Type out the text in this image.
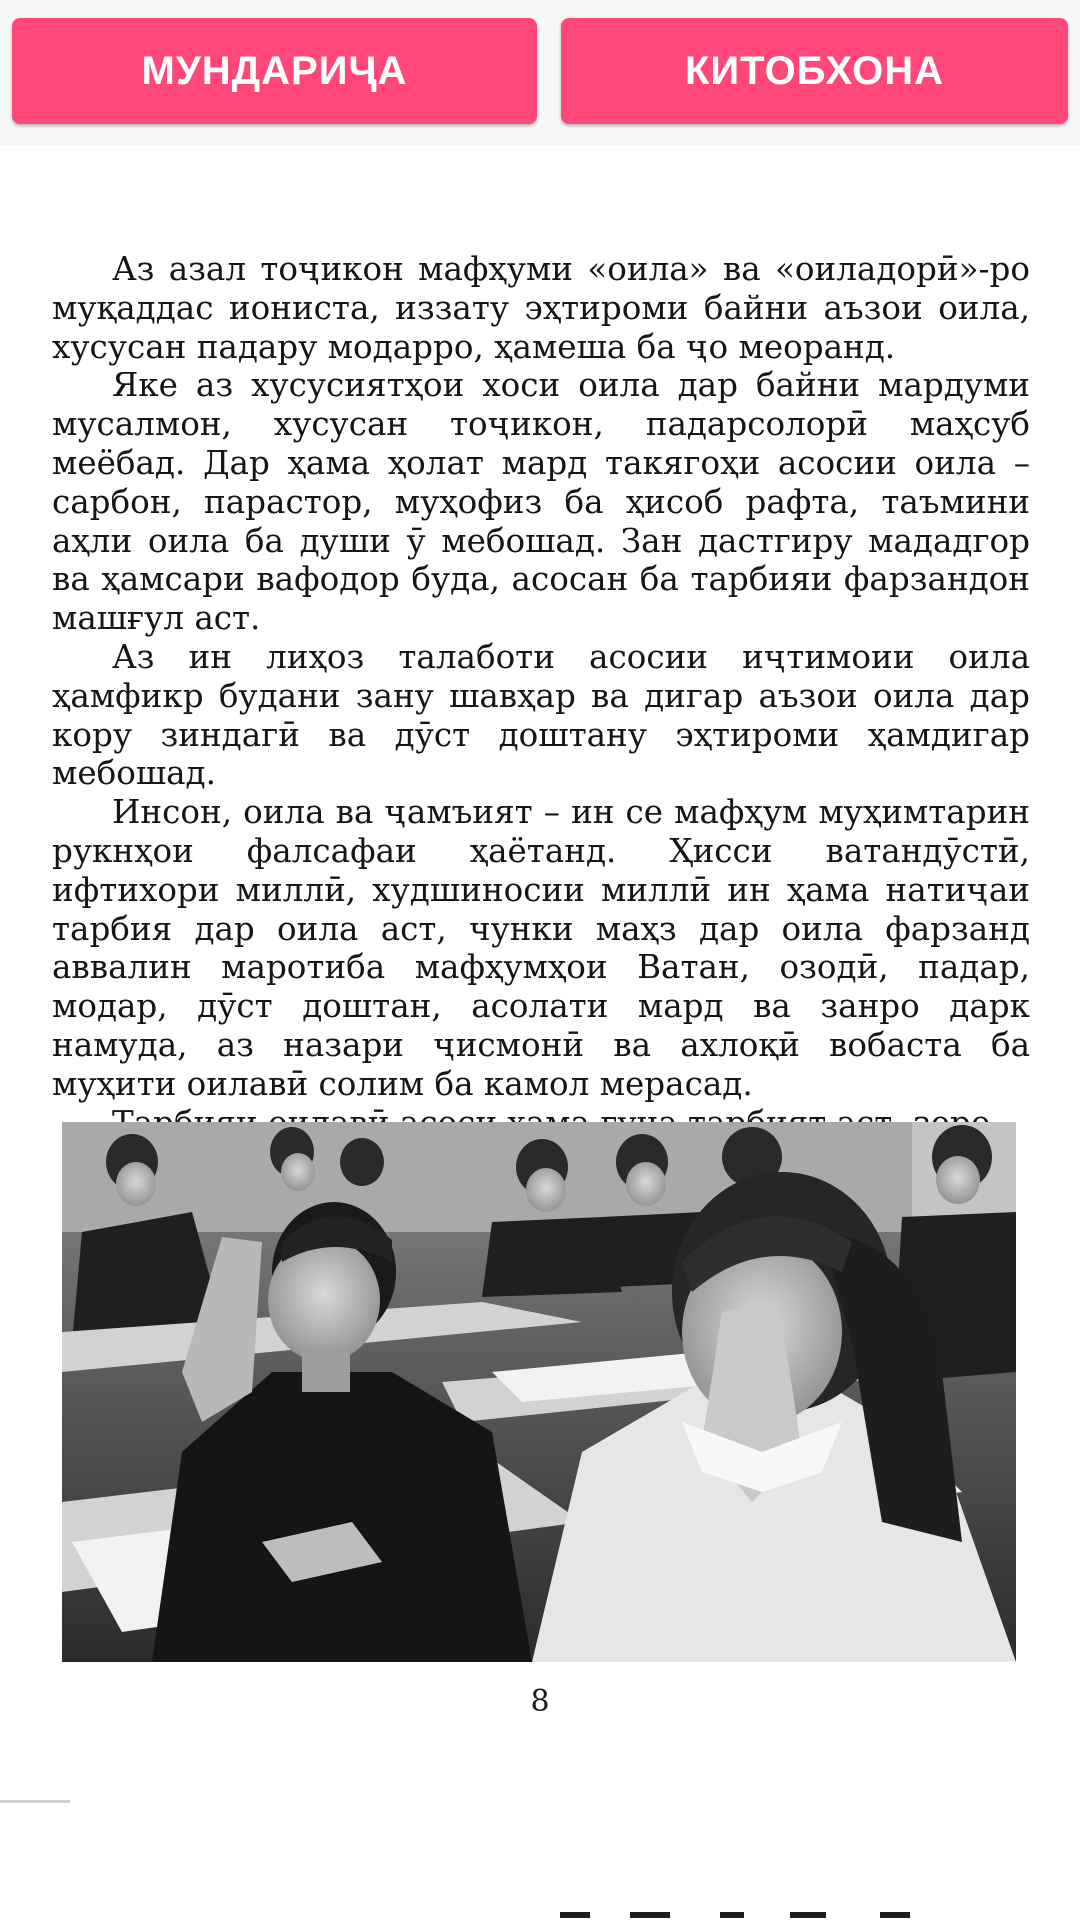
МУНДАРИҶА	КИТОБХОНА

Аз азал тоҷикон мафҳуми «оила» ва «оиладорӣ»-ро муқаддас иониста, иззату эҳтироми байни аъзои оила, хусусан падару модарро, ҳамеша ба ҷо меоранд.

Яке аз хусусиятҳои хоси оила дар байни мардуми мусалмон, хусусан тоҷикон, падарсолорӣ маҳсуб меёбад. Дар ҳама ҳолат мард такягоҳи асосии оила – сарбон, парастор, муҳофиз ба ҳисоб рафта, таъмини аҳли оила ба души ӯ мебошад. Зан дастгиру мададгор ва ҳамсари вафодор буда, асосан ба тарбияи фарзандон машғул аст.

Аз ин лиҳоз талаботи асосии иҷтимоии оила ҳамфикр будани зану шавҳар ва дигар аъзои оила дар кору зиндагӣ ва дӯст доштану эҳтироми ҳамдигар мебошад.

Инсон, оила ва ҷамъият – ин се мафҳум муҳимтарин рукнҳои фалсафаи ҳаётанд. Ҳисси ватандӯстӣ, ифтихори миллӣ, худшиносии миллӣ ин ҳама натиҷаи тарбия дар оила аст, чунки маҳз дар оила фарзанд аввалин маротиба мафҳумҳои Ватан, озодӣ, падар, модар, дӯст доштан, асолати мард ва занро дарк намуда, аз назари ҷисмонӣ ва ахлоқӣ вобаста ба муҳити оилавӣ солим ба камол мерасад.

8
